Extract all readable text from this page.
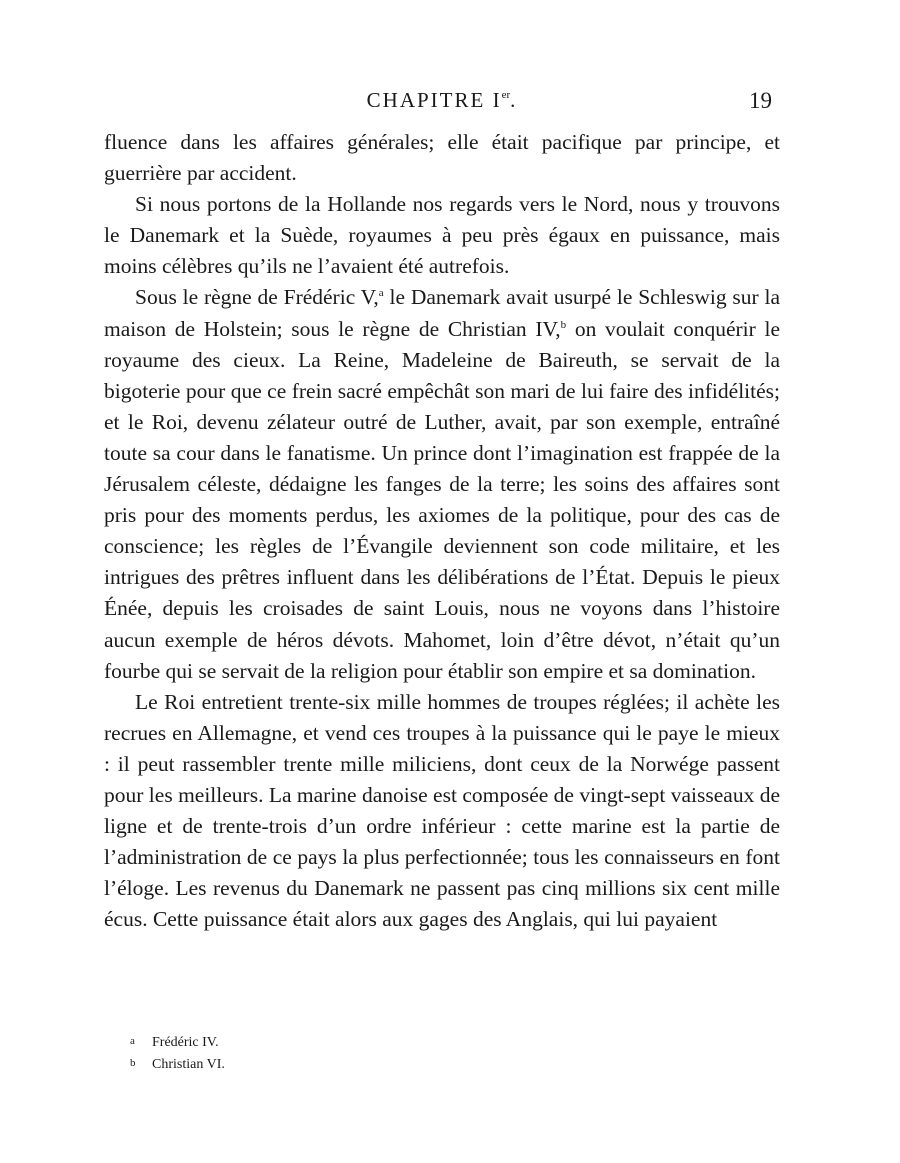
CHAPITRE Ier.	19

fluence dans les affaires générales; elle était pacifique par principe, et guerrière par accident.

Si nous portons de la Hollande nos regards vers le Nord, nous y trouvons le Danemark et la Suède, royaumes à peu près égaux en puissance, mais moins célèbres qu’ils ne l’avaient été autrefois.

Sous le règne de Frédéric V,$^a$ le Danemark avait usurpé le Schleswig sur la maison de Holstein; sous le règne de Christian IV,$^b$ on voulait conquérir le royaume des cieux. La Reine, Madeleine de Baireuth, se servait de la bigoterie pour que ce frein sacré empêchât son mari de lui faire des infidélités; et le Roi, devenu zélateur outré de Luther, avait, par son exemple, entraîné toute sa cour dans le fanatisme. Un prince dont l’imagination est frappée de la Jérusalem céleste, dédaigne les fanges de la terre; les soins des affaires sont pris pour des moments perdus, les axiomes de la politique, pour des cas de conscience; les règles de l’Évangile deviennent son code militaire, et les intrigues des prêtres influent dans les délibérations de l’État. Depuis le pieux Énée, depuis les croisades de saint Louis, nous ne voyons dans l’histoire aucun exemple de héros dévots. Mahomet, loin d’être dévot, n’était qu’un fourbe qui se servait de la religion pour établir son empire et sa domination.

Le Roi entretient trente-six mille hommes de troupes réglées; il achète les recrues en Allemagne, et vend ces troupes à la puissance qui le paye le mieux : il peut rassembler trente mille miliciens, dont ceux de la Norwége passent pour les meilleurs. La marine danoise est composée de vingt-sept vaisseaux de ligne et de trente-trois d’un ordre inférieur : cette marine est la partie de l’administration de ce pays la plus perfectionnée; tous les connaisseurs en font l’éloge. Les revenus du Danemark ne passent pas cinq millions six cent mille écus. Cette puissance était alors aux gages des Anglais, qui lui payaient

a Frédéric IV.
b Christian VI.
